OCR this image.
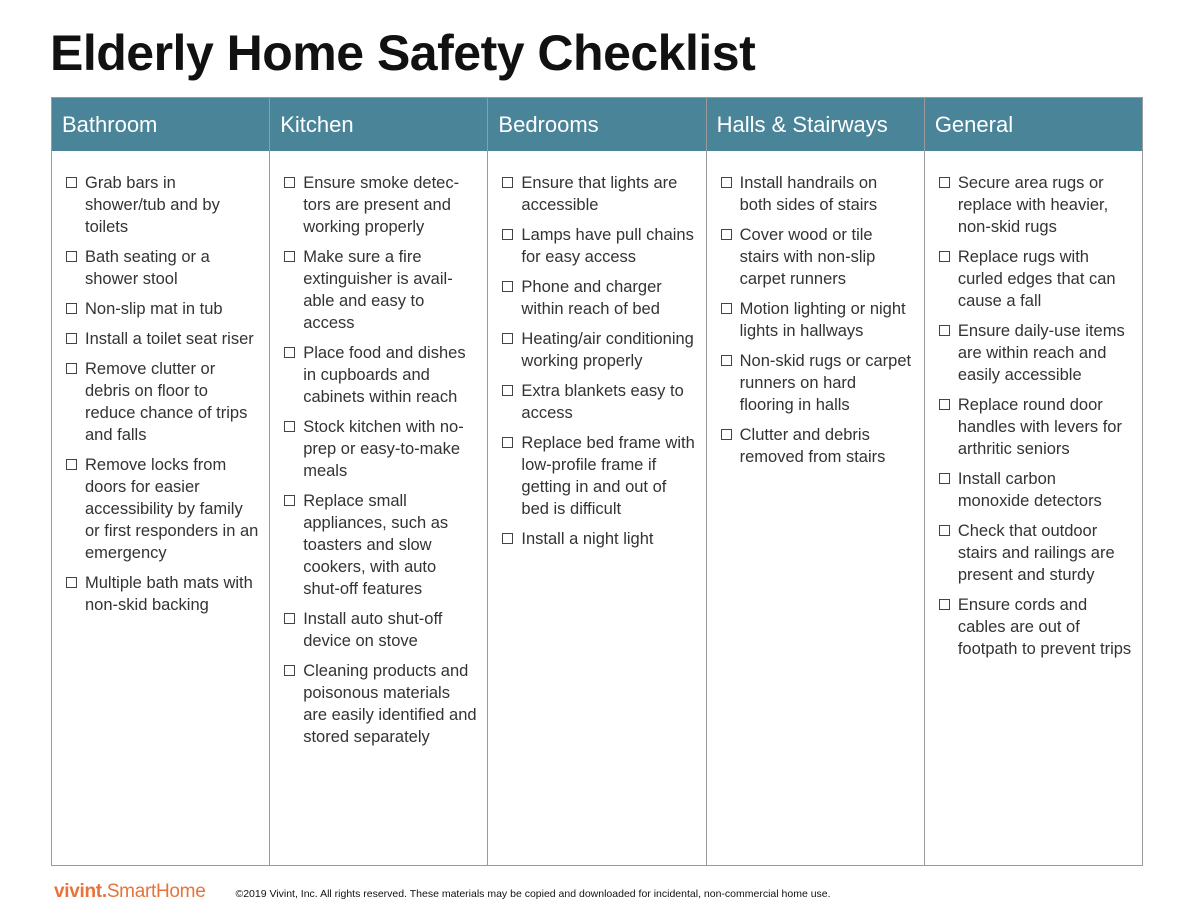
Elderly Home Safety Checklist
Bathroom
Grab bars in shower/tub and by toilets
Bath seating or a shower stool
Non-slip mat in tub
Install a toilet seat riser
Remove clutter or debris on floor to reduce chance of trips and falls
Remove locks from doors for easier accessibility by family or first responders in an emergency
Multiple bath mats with non-skid backing
Kitchen
Ensure smoke detec-tors are present and working properly
Make sure a fire extinguisher is avail-able and easy to access
Place food and dishes in cupboards and cabinets within reach
Stock kitchen with no-prep or easy-to-make meals
Replace small appliances, such as toasters and slow cookers, with auto shut-off features
Install auto shut-off device on stove
Cleaning products and poisonous materials are easily identified and stored separately
Bedrooms
Ensure that lights are accessible
Lamps have pull chains for easy access
Phone and charger within reach of bed
Heating/air conditioning working properly
Extra blankets easy to access
Replace bed frame with low-profile frame if getting in and out of bed is difficult
Install a night light
Halls & Stairways
Install handrails on both sides of stairs
Cover wood or tile stairs with non-slip carpet runners
Motion lighting or night lights in hallways
Non-skid rugs or carpet runners on hard flooring in halls
Clutter and debris removed from stairs
General
Secure area rugs or replace with heavier, non-skid rugs
Replace rugs with curled edges that can cause a fall
Ensure daily-use items are within reach and easily accessible
Replace round door handles with levers for arthritic seniors
Install carbon monoxide detectors
Check that outdoor stairs and railings are present and sturdy
Ensure cords and cables are out of footpath to prevent trips
vivint.SmartHome	©2019 Vivint, Inc. All rights reserved. These materials may be copied and downloaded for incidental, non-commercial home use.
